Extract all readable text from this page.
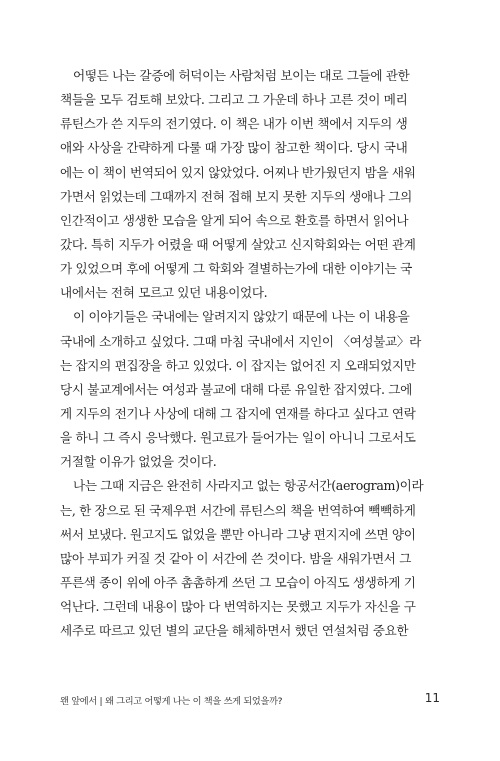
어떻든 나는 갈증에 허덕이는 사람처럼 보이는 대로 그들에 관한
책들을 모두 검토해 보았다. 그리고 그 가운데 하나 고른 것이 메리
류틴스가 쓴 지두의 전기였다. 이 책은 내가 이번 책에서 지두의 생
애와 사상을 간략하게 다룰 때 가장 많이 참고한 책이다. 당시 국내
에는 이 책이 번역되어 있지 않았었다. 어찌나 반가웠던지 밤을 새워
가면서 읽었는데 그때까지 전혀 접해 보지 못한 지두의 생애나 그의
인간적이고 생생한 모습을 알게 되어 속으로 환호를 하면서 읽어나
갔다. 특히 지두가 어렸을 때 어떻게 살았고 신지학회와는 어떤 관계
가 있었으며 후에 어떻게 그 학회와 결별하는가에 대한 이야기는 국
내에서는 전혀 모르고 있던 내용이었다.
이 이야기들은 국내에는 알려지지 않았기 때문에 나는 이 내용을
국내에 소개하고 싶었다. 그때 마침 국내에서 지인이 〈여성불교〉라
는 잡지의 편집장을 하고 있었다. 이 잡지는 없어진 지 오래되었지만
당시 불교계에서는 여성과 불교에 대해 다룬 유일한 잡지였다. 그에
게 지두의 전기나 사상에 대해 그 잡지에 연재를 하다고 싶다고 연락
을 하니 그 즉시 응낙했다. 원고료가 들어가는 일이 아니니 그로서도
거절할 이유가 없었을 것이다.
나는 그때 지금은 완전히 사라지고 없는 항공서간(aerogram)이라
는, 한 장으로 된 국제우편 서간에 류틴스의 책을 번역하여 빽빽하게
써서 보냈다. 원고지도 없었을 뿐만 아니라 그냥 편지지에 쓰면 양이
많아 부피가 커질 것 같아 이 서간에 쓴 것이다. 밤을 새워가면서 그
푸른색 종이 위에 아주 촘촘하게 쓰던 그 모습이 아직도 생생하게 기
억난다. 그런데 내용이 많아 다 번역하지는 못했고 지두가 자신을 구
세주로 따르고 있던 별의 교단을 해체하면서 했던 연설처럼 중요한
왠 앞에서 | 왜 그리고 어떻게 나는 이 책을 쓰게 되었을까?	11
